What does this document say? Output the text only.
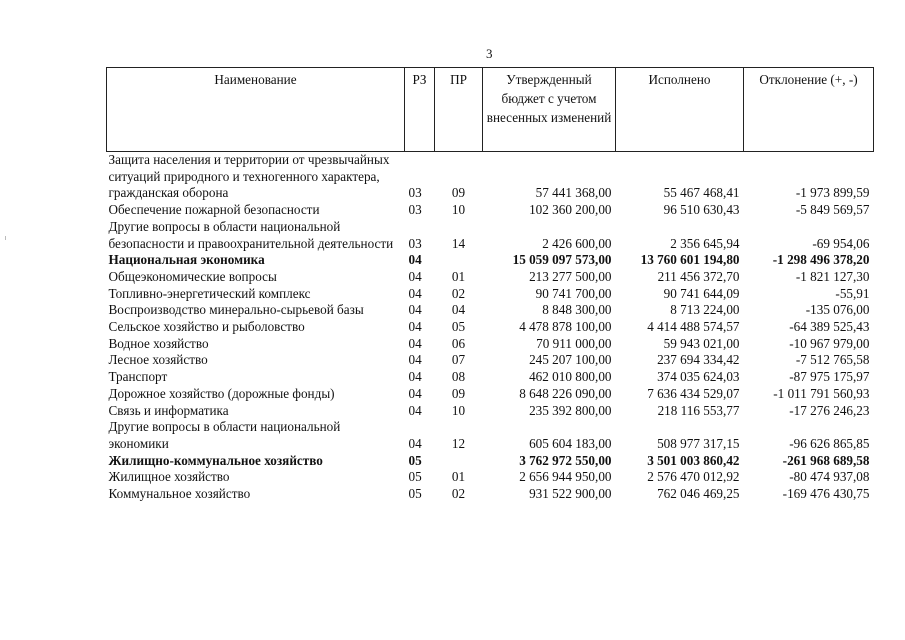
3
Наименование	РЗ	ПР	Утвержденный бюджет с учетом внесенных изменений	Исполнено	Отклонение (+, -)
Защита населения и территории от чрезвычайных ситуаций природного и техногенного характера, гражданская оборона	03	09	57 441 368,00	55 467 468,41	-1 973 899,59
Обеспечение пожарной безопасности	03	10	102 360 200,00	96 510 630,43	-5 849 569,57
Другие вопросы в области национальной безопасности и правоохранительной деятельности	03	14	2 426 600,00	2 356 645,94	-69 954,06
Национальная экономика	04		15 059 097 573,00	13 760 601 194,80	-1 298 496 378,20
Общеэкономические вопросы	04	01	213 277 500,00	211 456 372,70	-1 821 127,30
Топливно-энергетический комплекс	04	02	90 741 700,00	90 741 644,09	-55,91
Воспроизводство минерально-сырьевой базы	04	04	8 848 300,00	8 713 224,00	-135 076,00
Сельское хозяйство и рыболовство	04	05	4 478 878 100,00	4 414 488 574,57	-64 389 525,43
Водное хозяйство	04	06	70 911 000,00	59 943 021,00	-10 967 979,00
Лесное хозяйство	04	07	245 207 100,00	237 694 334,42	-7 512 765,58
Транспорт	04	08	462 010 800,00	374 035 624,03	-87 975 175,97
Дорожное хозяйство (дорожные фонды)	04	09	8 648 226 090,00	7 636 434 529,07	-1 011 791 560,93
Связь и информатика	04	10	235 392 800,00	218 116 553,77	-17 276 246,23
Другие вопросы в области национальной экономики	04	12	605 604 183,00	508 977 317,15	-96 626 865,85
Жилищно-коммунальное хозяйство	05		3 762 972 550,00	3 501 003 860,42	-261 968 689,58
Жилищное хозяйство	05	01	2 656 944 950,00	2 576 470 012,92	-80 474 937,08
Коммунальное хозяйство	05	02	931 522 900,00	762 046 469,25	-169 476 430,75
